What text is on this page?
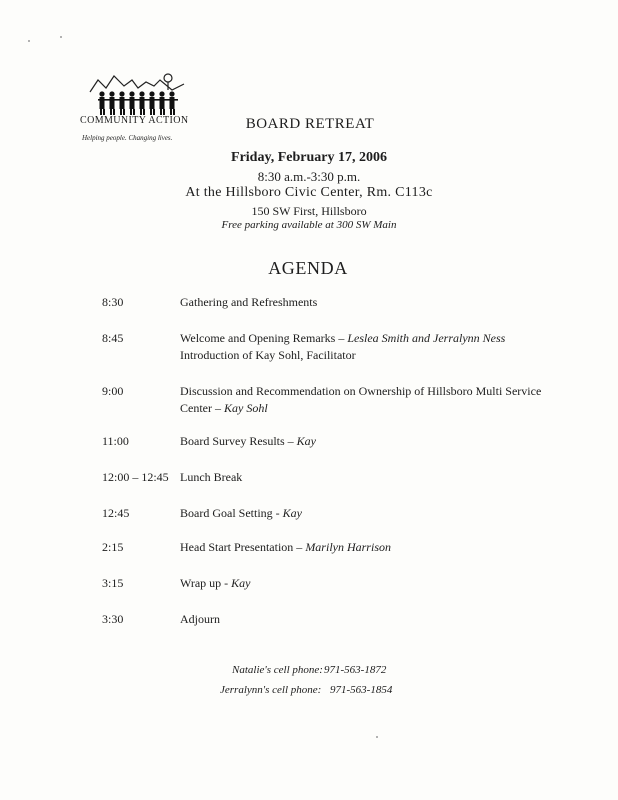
COMMUNITY ACTION
Helping people. Changing lives.
BOARD RETREAT
Friday, February 17, 2006
8:30 a.m.-3:30 p.m.
At the Hillsboro Civic Center, Rm. C113c
150 SW First, Hillsboro
Free parking available at 300 SW Main
AGENDA
8:30	Gathering and Refreshments
8:45	Welcome and Opening Remarks – Leslea Smith and Jerralynn Ness
Introduction of Kay Sohl, Facilitator
9:00	Discussion and Recommendation on Ownership of Hillsboro Multi Service Center – Kay Sohl
11:00	Board Survey Results – Kay
12:00 – 12:45 Lunch Break
12:45	Board Goal Setting - Kay
2:15	Head Start Presentation – Marilyn Harrison
3:15	Wrap up - Kay
3:30	Adjourn
Natalie's cell phone: 971-563-1872
Jerralynn's cell phone: 971-563-1854
